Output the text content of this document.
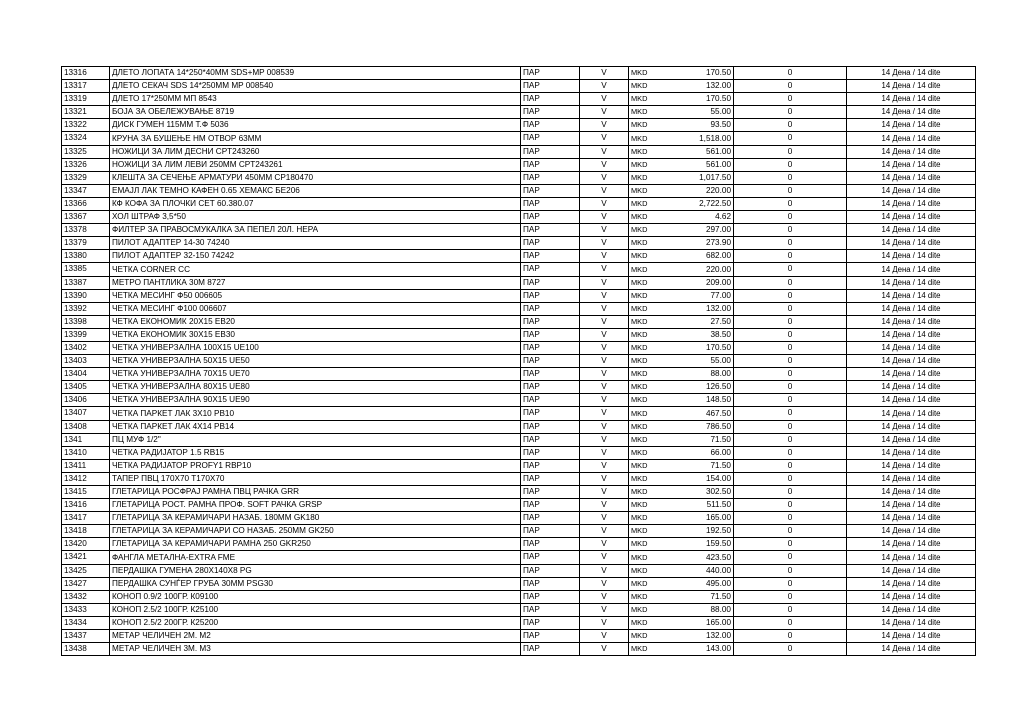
13316	ДЛЕТО ЛОПАТА 14*250*40ММ SDS+MP 008539	ПАР	V	MKD	170.50	0	14 Дена / 14 dite
13317	ДЛЕТО СЕКАЧ SDS 14*250MM MP 008540	ПАР	V	MKD	132.00	0	14 Дена / 14 dite
13319	ДЛЕТО 17*250ММ МП 8543	ПАР	V	MKD	170.50	0	14 Дена / 14 dite
13321	БОЈА ЗА ОБЕЛЕЖУВАЊЕ 8719	ПАР	V	MKD	55.00	0	14 Дена / 14 dite
13322	ДИСК ГУМЕН 115ММ Т.Ф 5036	ПАР	V	MKD	93.50	0	14 Дена / 14 dite
13324	КРУНА ЗА БУШЕЊЕ НМ ОТВОР 63ММ	ПАР	V	MKD	1,518.00	0	14 Дена / 14 dite
13325	НОЖИЦИ ЗА ЛИМ ДЕСНИ CPT243260	ПАР	V	MKD	561.00	0	14 Дена / 14 dite
13326	НОЖИЦИ ЗА ЛИМ ЛЕВИ 250ММ CPT243261	ПАР	V	MKD	561.00	0	14 Дена / 14 dite
13329	КЛЕШТА ЗА СЕЧЕЊЕ АРМАТУРИ 450ММ CP180470	ПАР	V	MKD	1,017.50	0	14 Дена / 14 dite
13347	ЕМАЈЛ ЛАК ТЕМНО КАФЕН 0.65 ХЕМАКС БЕ206	ПАР	V	MKD	220.00	0	14 Дена / 14 dite
13366	КФ КОФА ЗА ПЛОЧКИ СЕТ 60.380.07	ПАР	V	MKD	2,722.50	0	14 Дена / 14 dite
13367	ХОЛ ШТРАФ 3,5*50	ПАР	V	MKD	4.62	0	14 Дена / 14 dite
13378	ФИЛТЕР ЗА ПРАВОСМУКАЛКА ЗА ПЕПЕЛ 20Л. HEPA	ПАР	V	MKD	297.00	0	14 Дена / 14 dite
13379	ПИЛОТ АДАПТЕР 14-30 74240	ПАР	V	MKD	273.90	0	14 Дена / 14 dite
13380	ПИЛОТ АДАПТЕР 32-150 74242	ПАР	V	MKD	682.00	0	14 Дена / 14 dite
13385	ЧЕТКА CORNER CC	ПАР	V	MKD	220.00	0	14 Дена / 14 dite
13387	МЕТРО ПАНТЛИКА 30М 8727	ПАР	V	MKD	209.00	0	14 Дена / 14 dite
13390	ЧЕТКА МЕСИНГ Ф50 006605	ПАР	V	MKD	77.00	0	14 Дена / 14 dite
13392	ЧЕТКА МЕСИНГ Ф100 006607	ПАР	V	MKD	132.00	0	14 Дена / 14 dite
13398	ЧЕТКА ЕКОНОМИК 20X15 EB20	ПАР	V	MKD	27.50	0	14 Дена / 14 dite
13399	ЧЕТКА ЕКОНОМИК 30X15 EB30	ПАР	V	MKD	38.50	0	14 Дена / 14 dite
13402	ЧЕТКА УНИВЕРЗАЛНА 100X15 UE100	ПАР	V	MKD	170.50	0	14 Дена / 14 dite
13403	ЧЕТКА УНИВЕРЗАЛНА 50X15 UE50	ПАР	V	MKD	55.00	0	14 Дена / 14 dite
13404	ЧЕТКА УНИВЕРЗАЛНА 70X15 UE70	ПАР	V	MKD	88.00	0	14 Дена / 14 dite
13405	ЧЕТКА УНИВЕРЗАЛНА 80X15 UE80	ПАР	V	MKD	126.50	0	14 Дена / 14 dite
13406	ЧЕТКА УНИВЕРЗАЛНА 90X15 UE90	ПАР	V	MKD	148.50	0	14 Дена / 14 dite
13407	ЧЕТКА ПАРКЕТ ЛАК 3X10 PB10	ПАР	V	MKD	467.50	0	14 Дена / 14 dite
13408	ЧЕТКА ПАРКЕТ ЛАК 4X14 PB14	ПАР	V	MKD	786.50	0	14 Дена / 14 dite
1341	ПЦ МУФ 1/2"	ПАР	V	MKD	71.50	0	14 Дена / 14 dite
13410	ЧЕТКА РАДИЈАТОР 1.5 RB15	ПАР	V	MKD	66.00	0	14 Дена / 14 dite
13411	ЧЕТКА РАДИЈАТОР PROFY1 RBP10	ПАР	V	MKD	71.50	0	14 Дена / 14 dite
13412	ТАПЕР ПВЦ 170X70 T170X70	ПАР	V	MKD	154.00	0	14 Дена / 14 dite
13415	ГЛЕТАРИЦА РОСФРАЈ РАМНА ПВЦ РАЧКА GRR	ПАР	V	MKD	302.50	0	14 Дена / 14 dite
13416	ГЛЕТАРИЦА РОСТ. РАМНА ПРОФ. SOFT РАЧКА GRSP	ПАР	V	MKD	511.50	0	14 Дена / 14 dite
13417	ГЛЕТАРИЦА ЗА КЕРАМИЧАРИ НАЗАБ. 180ММ GK180	ПАР	V	MKD	165.00	0	14 Дена / 14 dite
13418	ГЛЕТАРИЦА ЗА КЕРАМИЧАРИ СО НАЗАБ. 250ММ GK250	ПАР	V	MKD	192.50	0	14 Дена / 14 dite
13420	ГЛЕТАРИЦА ЗА КЕРАМИЧАРИ РАМНА 250 GKR250	ПАР	V	MKD	159.50	0	14 Дена / 14 dite
13421	ФАНГЛА МЕТАЛНА-EXTRA FME	ПАР	V	MKD	423.50	0	14 Дена / 14 dite
13425	ПЕРДАШКА ГУМЕНА 280X140X8 PG	ПАР	V	MKD	440.00	0	14 Дена / 14 dite
13427	ПЕРДАШКА СУНЃЕР ГРУБА 30ММ PSG30	ПАР	V	MKD	495.00	0	14 Дена / 14 dite
13432	КОНОП 0.9/2 100ГР. К09100	ПАР	V	MKD	71.50	0	14 Дена / 14 dite
13433	КОНОП 2.5/2 100ГР. К25100	ПАР	V	MKD	88.00	0	14 Дена / 14 dite
13434	КОНОП 2.5/2 200ГР. К25200	ПАР	V	MKD	165.00	0	14 Дена / 14 dite
13437	МЕТАР ЧЕЛИЧЕН 2М. M2	ПАР	V	MKD	132.00	0	14 Дена / 14 dite
13438	МЕТАР ЧЕЛИЧЕН 3М. M3	ПАР	V	MKD	143.00	0	14 Дена / 14 dite
